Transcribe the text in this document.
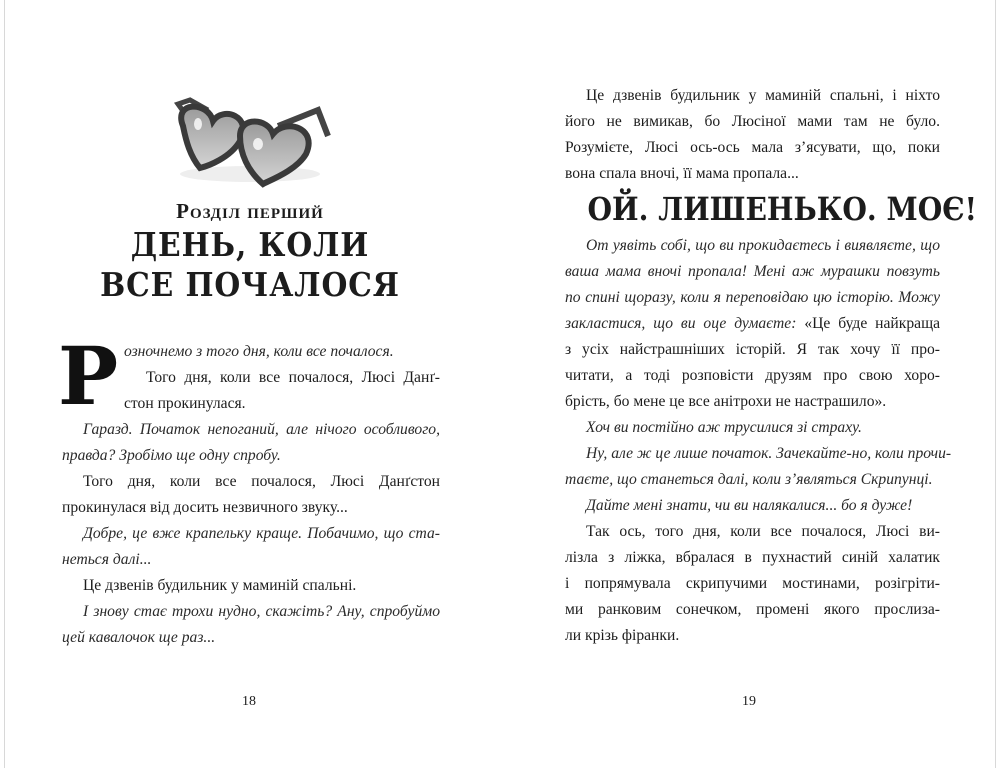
Розділ перший
ДЕНЬ, КОЛИ
ВСЕ ПОЧАЛОСЯ
Р озночнемо з того дня, коли все почалося.
Того дня, коли все почалося, Люсі Данґ-
стон прокинулася.
Гаразд. Початок непоганий, але нічого особливого,
правда? Зробімо ще одну спробу.
Того дня, коли все почалося, Люсі Данґстон
прокинулася від досить незвичного звуку...
Добре, це вже крапельку краще. Побачимо, що ста-
неться далі...
Це дзвенів будильник у маминій спальні.
І знову стає трохи нудно, скажіть? Ану, спробуймо
цей кавалочок ще раз...
18
Це дзвенів будильник у маминій спальні, і ніхто
його не вимикав, бо Люсіної мами там не було.
Розумієте, Люсі ось-ось мала з’ясувати, що, поки
вона спала вночі, її мама пропала...
ОЙ. ЛИШЕНЬКО. МОЄ!
От уявіть собі, що ви прокидаєтесь і виявляєте, що
ваша мама вночі пропала! Мені аж мурашки повзуть
по спині щоразу, коли я переповідаю цю історію. Можу
закластися, що ви оце думаєте: «Це буде найкраща
з усіх найстрашніших історій. Я так хочу її про-
читати, а тоді розповісти друзям про свою хоро-
брість, бо мене це все анітрохи не настрашило».
Хоч ви постійно аж трусилися зі страху.
Ну, але ж це лише початок. Зачекайте-но, коли прочи-
таєте, що станеться далі, коли з’являться Скрипунці.
Дайте мені знати, чи ви налякалися... бо я дуже!
Так ось, того дня, коли все почалося, Люсі ви-
лізла з ліжка, вбралася в пухнастий синій халатик
і попрямувала скрипучими мостинами, розігріти-
ми ранковим сонечком, промені якого прослиза-
ли крізь фіранки.
19
